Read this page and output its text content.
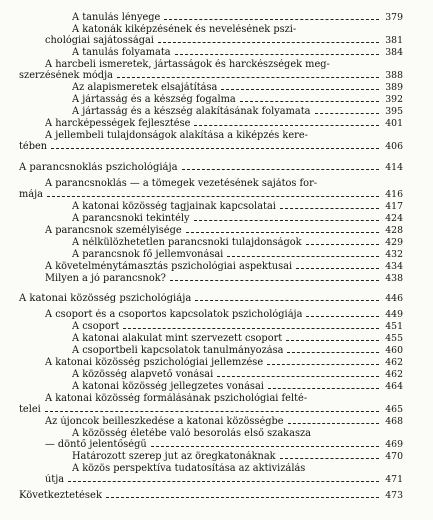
A tanulás lényege	379
A katonák kiképzésének és nevelésének pszi-
chológiai sajátosságai	381
A tanulás folyamata	384
A harcbeli ismeretek, jártasságok és harckészségek meg-
szerzésének módja	388
Az alapismeretek elsajátítása	389
A jártasság és a készség fogalma	392
A jártasság és a készség alakításának folyamata	395
A harcképességek fejlesztése	401
A jellembeli tulajdonságok alakítása a kiképzés kere-
tében	406
A parancsnoklás pszichológiája	414
A parancsnoklás — a tömegek vezetésének sajátos for-
mája	416
A katonai közösség tagjainak kapcsolatai	417
A parancsnoki tekintély	424
A parancsnok személyisége	428
A nélkülözhetetlen parancsnoki tulajdonságok	429
A parancsnok fő jellemvonásai	432
A követelménytámasztás pszichológiai aspektusai	434
Milyen a jó parancsnok?	438
A katonai közösség pszichológiája	446
A csoport és a csoportos kapcsolatok pszichológiája	449
A csoport	451
A katonai alakulat mint szervezett csoport	455
A csoportbeli kapcsolatok tanulmányozása	460
A katonai közösség pszichológiai jellemzése	462
A közösség alapvető vonásai	462
A katonai közösség jellegzetes vonásai	464
A katonai közösség formálásának pszichológiai felté-
telei	465
Az újoncok beilleszkedése a katonai közösségbe	468
A közösség életébe való besorolás első szakasza
— döntő jelentőségű	469
Határozott szerep jut az öregkatonáknak	470
A közös perspektíva tudatosítása az aktivizálás
útja	471
Következtetések	473
